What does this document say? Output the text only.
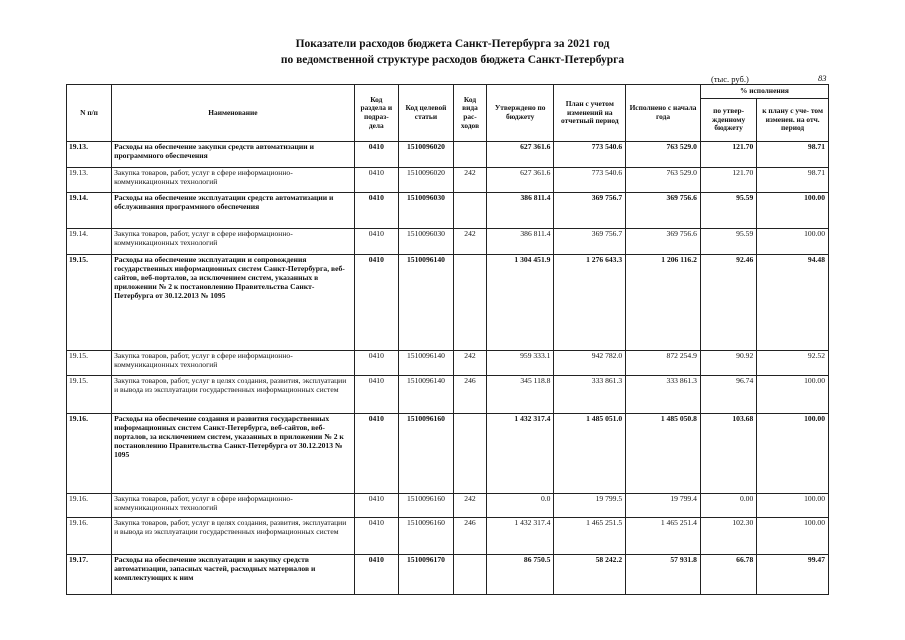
Показатели расходов бюджета Санкт-Петербурга за 2021 год
по ведомственной структуре расходов бюджета Санкт-Петербурга
(тыс. руб.)	83
N п/п	Наименование	Код раздела и подраз- дела	Код целевой статьи	Код вида рас- ходов	Утверждено по бюджету	План с учетом изменений на отчетный период	Исполнено с начала года	% исполнения	
								по утвер- жденному бюджету	к плану с уче- том изменен. на отч. период
19.13.	Расходы на обеспечение закупки средств автоматизации и программного обеспечения	0410	1510096020		627 361.6	773 540.6	763 529.0	121.70	98.71
19.13.	Закупка товаров, работ, услуг в сфере информационно-коммуникационных технологий	0410	1510096020	242	627 361.6	773 540.6	763 529.0	121.70	98.71
19.14.	Расходы на обеспечение эксплуатации средств автоматизации и обслуживания программного обеспечения	0410	1510096030		386 811.4	369 756.7	369 756.6	95.59	100.00
19.14.	Закупка товаров, работ, услуг в сфере информационно-коммуникационных технологий	0410	1510096030	242	386 811.4	369 756.7	369 756.6	95.59	100.00
19.15.	Расходы на обеспечение эксплуатации и сопровождения государственных информационных систем Санкт-Петербурга, веб-сайтов, веб-порталов, за исключением систем, указанных в приложении № 2 к постановлению Правительства Санкт-Петербурга от 30.12.2013 № 1095	0410	1510096140		1 304 451.9	1 276 643.3	1 206 116.2	92.46	94.48
19.15.	Закупка товаров, работ, услуг в сфере информационно-коммуникационных технологий	0410	1510096140	242	959 333.1	942 782.0	872 254.9	90.92	92.52
19.15.	Закупка товаров, работ, услуг в целях создания, развития, эксплуатации и вывода из эксплуатации государственных информационных систем	0410	1510096140	246	345 118.8	333 861.3	333 861.3	96.74	100.00
19.16.	Расходы на обеспечение создания и развития государственных информационных систем Санкт-Петербурга, веб-сайтов, веб-порталов, за исключением систем, указанных в приложении № 2 к постановлению Правительства Санкт-Петербурга от 30.12.2013 № 1095	0410	1510096160		1 432 317.4	1 485 051.0	1 485 050.8	103.68	100.00
19.16.	Закупка товаров, работ, услуг в сфере информационно-коммуникационных технологий	0410	1510096160	242	0.0	19 799.5	19 799.4	0.00	100.00
19.16.	Закупка товаров, работ, услуг в целях создания, развития, эксплуатации и вывода из эксплуатации государственных информационных систем	0410	1510096160	246	1 432 317.4	1 465 251.5	1 465 251.4	102.30	100.00
19.17.	Расходы на обеспечение эксплуатации и закупку средств автоматизации, запасных частей, расходных материалов и комплектующих к ним	0410	1510096170		86 750.5	58 242.2	57 931.8	66.78	99.47
